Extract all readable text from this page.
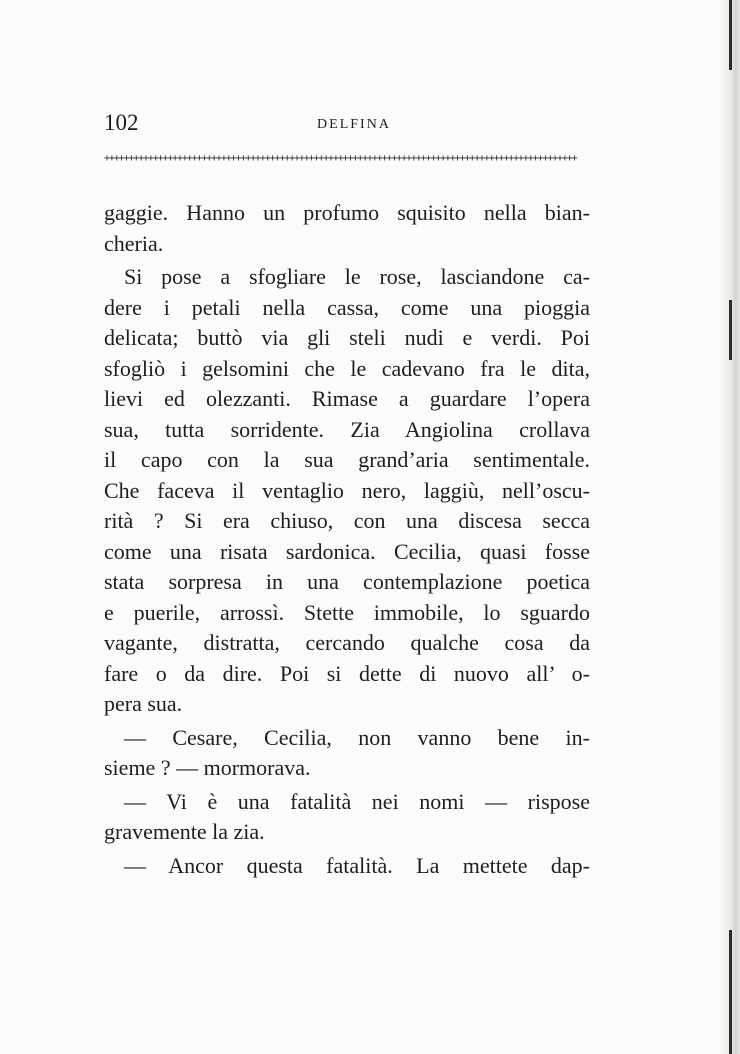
102	DELFINA
+++++++++++++++++++++++++++++++++++++++++++++++++++++++++++++++++++++++++++++++++++++++++++++++++
gaggie. Hanno un profumo squisito nella bian-
cheria.
Si pose a sfogliare le rose, lasciandone ca-
dere i petali nella cassa, come una pioggia
delicata; buttò via gli steli nudi e verdi. Poi
sfogliò i gelsomini che le cadevano fra le dita,
lievi ed olezzanti. Rimase a guardare l’opera
sua, tutta sorridente. Zia Angiolina crollava
il capo con la sua grand’aria sentimentale.
Che faceva il ventaglio nero, laggiù, nell’oscu-
rità ? Si era chiuso, con una discesa secca
come una risata sardonica. Cecilia, quasi fosse
stata sorpresa in una contemplazione poetica
e puerile, arrossì. Stette immobile, lo sguardo
vagante, distratta, cercando qualche cosa da
fare o da dire. Poi si dette di nuovo all’ o-
pera sua.
— Cesare, Cecilia, non vanno bene in-
sieme ? — mormorava.
— Vi è una fatalità nei nomi — rispose
gravemente la zia.
— Ancor questa fatalità. La mettete dap-
